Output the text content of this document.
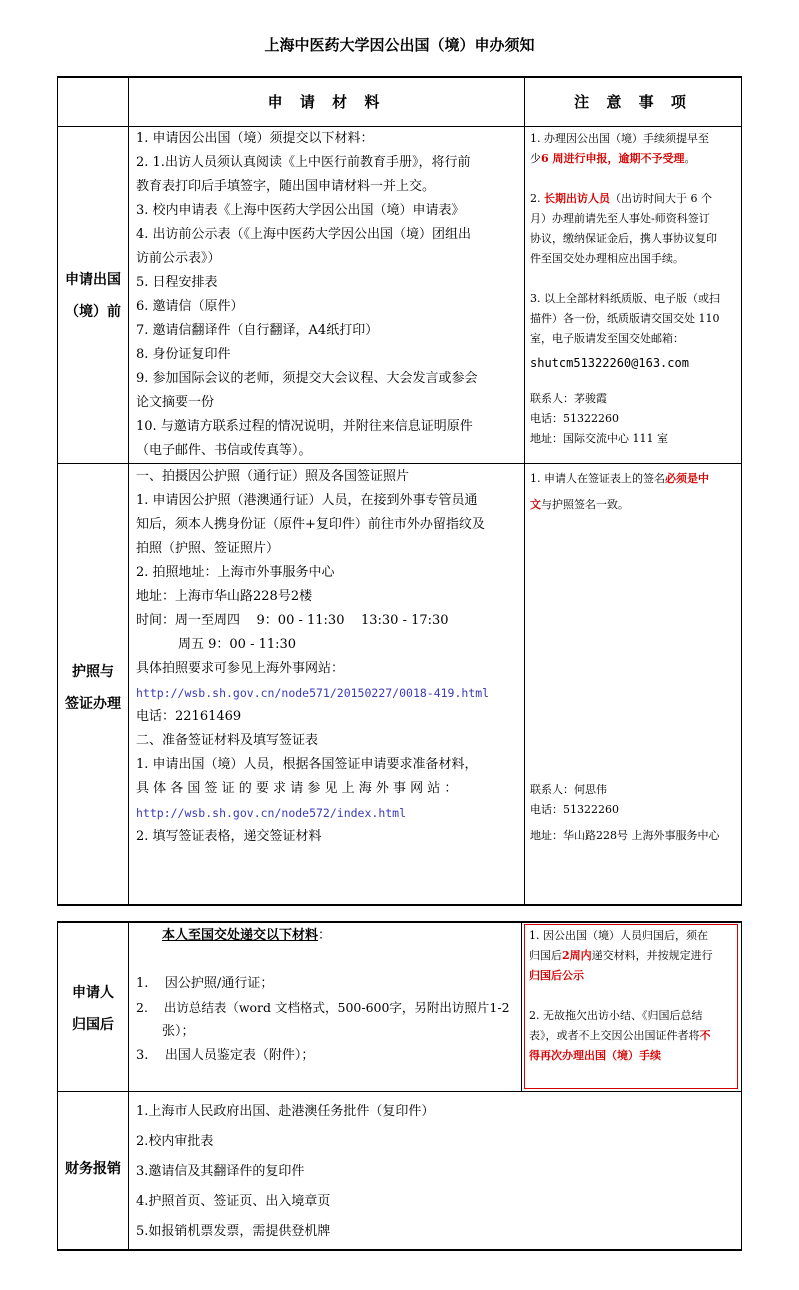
上海中医药大学因公出国（境）申办须知
申 请 材 料	注 意 事 项

申请出国

（境）前

1. 申请因公出国（境）须提交以下材料：

2. 1.出访人员须认真阅读《上中医行前教育手册》，将行前

教育表打印后手填签字，随出国申请材料一并上交。

3. 校内申请表《上海中医药大学因公出国（境）申请表》

4. 出访前公示表（《上海中医药大学因公出国（境）团组出

访前公示表》）

5. 日程安排表

6. 邀请信（原件）

7. 邀请信翻译件（自行翻译，A4纸打印）

8. 身份证复印件

9. 参加国际会议的老师，须提交大会议程、大会发言或参会

论文摘要一份

10. 与邀请方联系过程的情况说明，并附往来信息证明原件

（电子邮件、书信或传真等）。

1. 办理因公出国（境）手续须提早至
少6 周进行申报，逾期不予受理。

2. 长期出访人员（出访时间大于 6 个
月）办理前请先至人事处-师资科签订
协议，缴纳保证金后，携人事协议复印
件至国交处办理相应出国手续。

3. 以上全部材料纸质版、电子版（或扫
描件）各一份，纸质版请交国交处 110
室，电子版请发至国交处邮箱：

shutcm51322260@163.com

联系人：茅骏霞

电话：51322260

地址：国际交流中心 111 室

护照与

签证办理

一、拍摄因公护照（通行证）照及各国签证照片

1. 申请因公护照（港澳通行证）人员，在接到外事专管员通

知后，须本人携身份证（原件+复印件）前往市外办留指纹及

拍照（护照、签证照片）

2. 拍照地址：上海市外事服务中心

地址：上海市华山路228号2楼

时间：周一至周四    9：00 - 11:30    13:30 - 17:30

周五 9：00 - 11:30

具体拍照要求可参见上海外事网站：

http://wsb.sh.gov.cn/node571/20150227/0018-419.html

电话：22161469

二、准备签证材料及填写签证表

1. 申请出国（境）人员，根据各国签证申请要求准备材料，

具 体 各 国 签 证 的 要 求 请 参 见 上 海 外 事 网 站 ：

http://wsb.sh.gov.cn/node572/index.html

2. 填写签证表格，递交签证材料

1. 申请人在签证表上的签名必须是中
文与护照签名一致。

联系人：何思伟

电话：51322260

地址：华山路228号 上海外事服务中心

申请人

归国后

本人至国交处递交以下材料：

1.    因公护照/通行证；

2.    出访总结表（word 文档格式，500-600字，另附出访照片1-2

张）；

3.    出国人员鉴定表（附件）；

1. 因公出国（境）人员归国后，须在
归国后2周内递交材料，并按规定进行
归国后公示

2. 无故拖欠出访小结、《归国后总结
表》，或者不上交因公出国证件者将不
得再次办理出国（境）手续

财务报销

1.上海市人民政府出国、赴港澳任务批件（复印件）

2.校内审批表

3.邀请信及其翻译件的复印件

4.护照首页、签证页、出入境章页

5.如报销机票发票，需提供登机牌
